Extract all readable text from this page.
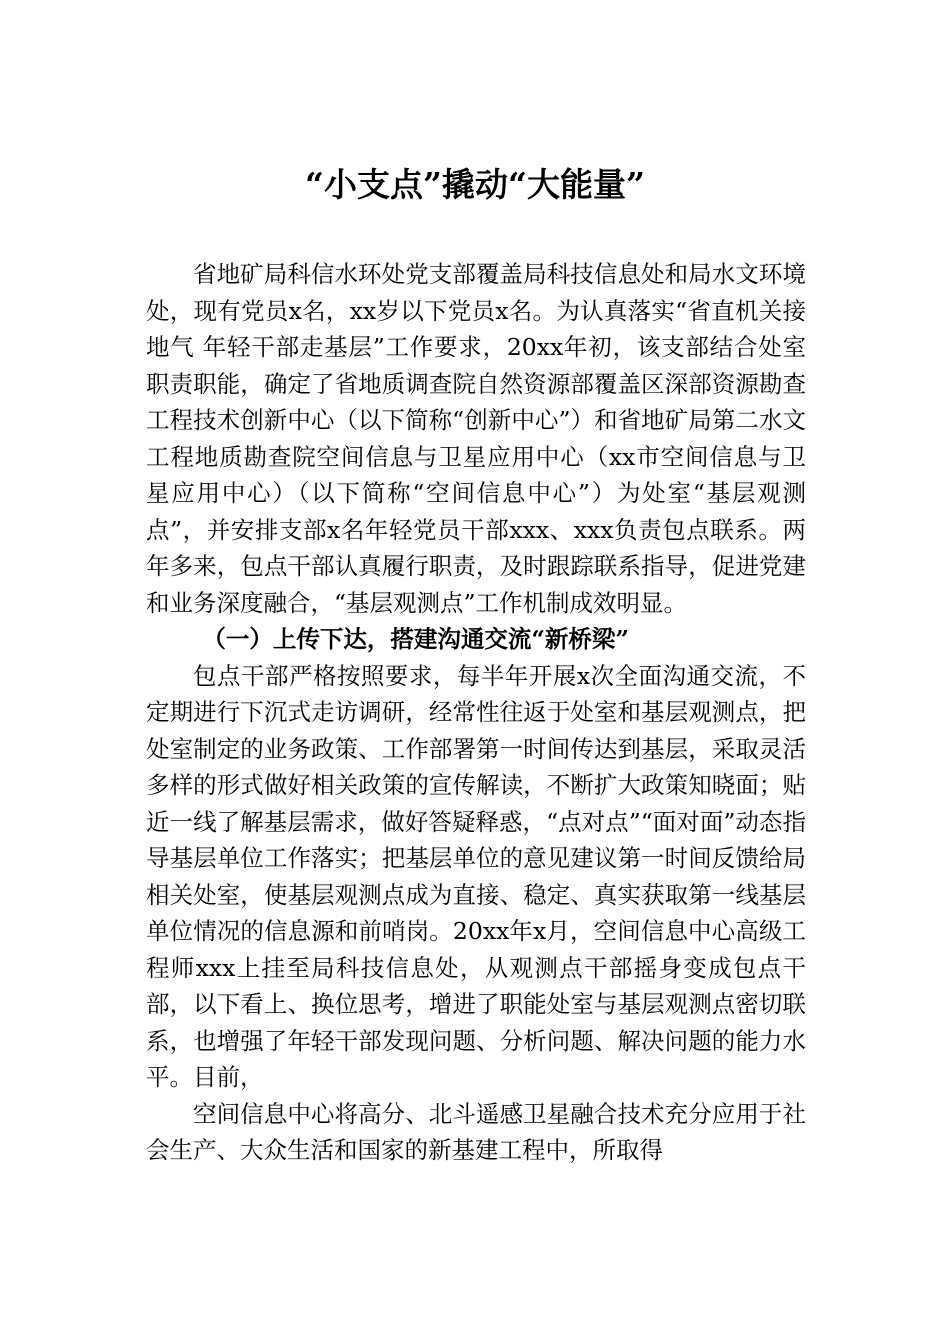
“小支点”撬动“大能量”

省地矿局科信水环处党支部覆盖局科技信息处和局水文环境处，现有党员x名，xx岁以下党员x名。为认真落实“省直机关接地气 年轻干部走基层”工作要求，20xx年初，该支部结合处室职责职能，确定了省地质调查院自然资源部覆盖区深部资源勘查工程技术创新中心（以下简称“创新中心”）和省地矿局第二水文工程地质勘查院空间信息与卫星应用中心（xx市空间信息与卫星应用中心）（以下简称“空间信息中心”）为处室“基层观测点”，并安排支部x名年轻党员干部xxx、xxx负责包点联系。两年多来，包点干部认真履行职责，及时跟踪联系指导，促进党建和业务深度融合，“基层观测点”工作机制成效明显。

（一）上传下达，搭建沟通交流“新桥梁”

包点干部严格按照要求，每半年开展x次全面沟通交流，不定期进行下沉式走访调研，经常性往返于处室和基层观测点，把处室制定的业务政策、工作部署第一时间传达到基层，采取灵活多样的形式做好相关政策的宣传解读，不断扩大政策知晓面；贴近一线了解基层需求，做好答疑释惑，“点对点”“面对面”动态指导基层单位工作落实；把基层单位的意见建议第一时间反馈给局相关处室，使基层观测点成为直接、稳定、真实获取第一线基层单位情况的信息源和前哨岗。20xx年x月，空间信息中心高级工程师xxx上挂至局科技信息处，从观测点干部摇身变成包点干部，以下看上、换位思考，增进了职能处室与基层观测点密切联系，也增强了年轻干部发现问题、分析问题、解决问题的能力水平。目前，

空间信息中心将高分、北斗遥感卫星融合技术充分应用于社会生产、大众生活和国家的新基建工程中，所取得
